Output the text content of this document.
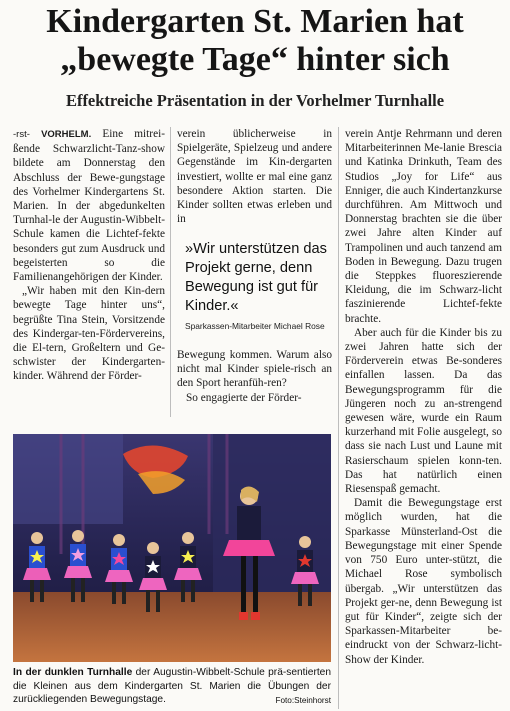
Kindergarten St. Marien hat
„bewegte Tage“ hinter sich
Effektreiche Präsentation in der Vorhelmer Turnhalle

-rst- VORHELM. Eine mitrei-ßende Schwarzlicht-Tanz-show bildete am Donnerstag den Abschluss der Bewe-gungstage des Vorhelmer Kindergartens St. Marien. In der abgedunkelten Turnhal-le der Augustin-Wibbelt-Schule kamen die Lichtef-fekte besonders gut zum Ausdruck und begeisterten so die Familienangehörigen der Kinder.

„Wir haben mit den Kin-dern bewegte Tage hinter uns“, begrüßte Tina Stein, Vorsitzende des Kindergar-ten-Fördervereins, die El-tern, Großeltern und Ge-schwister der Kindergarten-kinder. Während der Förder-

verein üblicherweise in Spielgeräte, Spielzeug und andere Gegenstände im Kin-dergarten investiert, wollte er mal eine ganz besondere Aktion starten. Die Kinder sollten etwas erleben und in

»Wir unterstützen das Projekt gerne, denn Bewegung ist gut für Kinder.«
Sparkassen-Mitarbeiter Michael Rose

Bewegung kommen. Warum also nicht mal Kinder spiele-risch an den Sport heranfüh-ren?

So engagierte der Förder-

verein Antje Rehrmann und deren Mitarbeiterinnen Me-lanie Brescia und Katinka Drinkuth, Team des Studios „Joy for Life“ aus Enniger, die auch Kindertanzkurse durchführen. Am Mittwoch und Donnerstag brachten sie die über zwei Jahre alten Kinder auf Trampolinen und auch tanzend am Boden in Bewegung. Dazu trugen die Steppkes fluoreszierende Kleidung, die im Schwarz-licht faszinierende Lichtef-fekte brachte.

Aber auch für die Kinder bis zu zwei Jahren hatte sich der Förderverein etwas Be-sonderes einfallen lassen. Da das Bewegungsprogramm für die Jüngeren noch zu an-strengend gewesen wäre, wurde ein Raum kurzerhand mit Folie ausgelegt, so dass sie nach Lust und Laune mit Rasierschaum spielen konn-ten. Das hat natürlich einen Riesenspaß gemacht.

Damit die Bewegungstage erst möglich wurden, hat die Sparkasse Münsterland-Ost die Bewegungstage mit einer Spende von 750 Euro unter-stützt, die Michael Rose symbolisch übergab. „Wir unterstützen das Projekt ger-ne, denn Bewegung ist gut für Kinder“, zeigte sich der Sparkassen-Mitarbeiter be-eindruckt von der Schwarz-licht-Show der Kinder.

In der dunklen Turnhalle der Augustin-Wibbelt-Schule prä-sentierten die Kleinen aus dem Kindergarten St. Marien die Übungen der zurückliegenden Bewegungstage.	Foto:Steinhorst
